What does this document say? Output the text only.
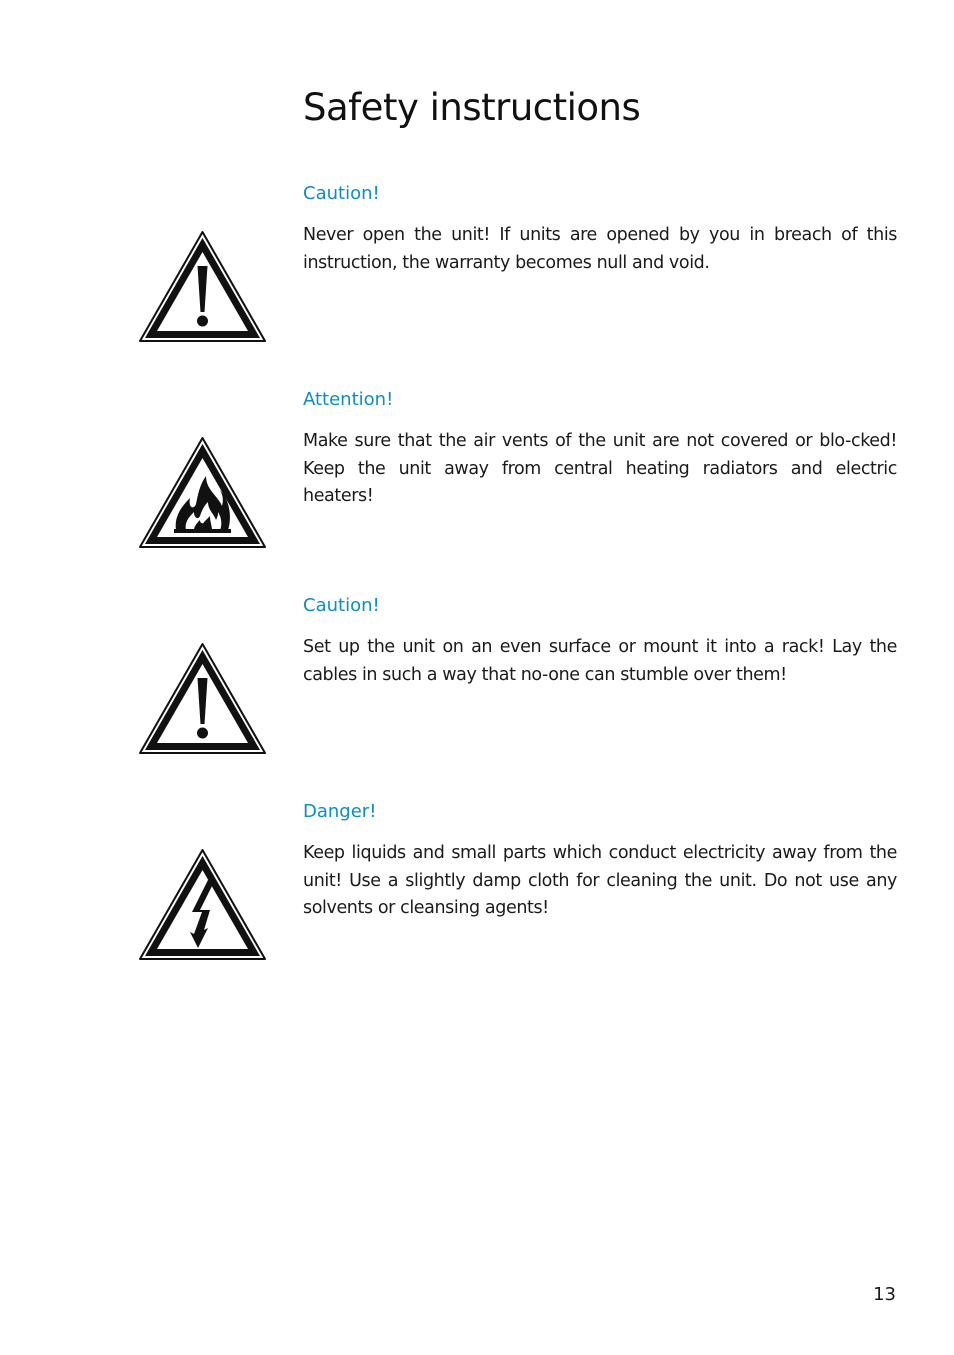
Safety instructions
Caution!

Never open the unit! If units are opened by you in breach of this instruction, the warranty becomes null and void.

Attention!

Make sure that the air vents of the unit are not covered or blo-cked! Keep the unit away from central heating radiators and electric heaters!

Caution!

Set up the unit on an even surface or mount it into a rack! Lay the cables in such a way that no-one can stumble over them!

Danger!

Keep liquids and small parts which conduct electricity away from the unit! Use a slightly damp cloth for cleaning the unit. Do not use any solvents or cleansing agents!

13
